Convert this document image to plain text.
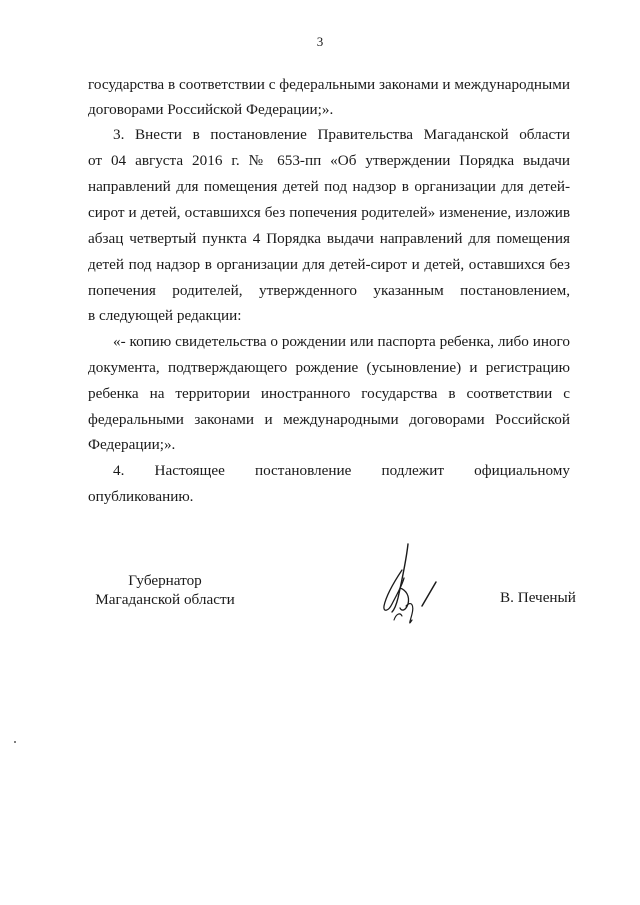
3
государства в соответствии с федеральными законами и международными
договорами Российской Федерации;».
3. Внести в постановление Правительства Магаданской области
от 04 августа 2016 г. № 653-пп «Об утверждении Порядка выдачи
направлений для помещения детей под надзор в организации для детей-
сирот и детей, оставшихся без попечения родителей» изменение, изложив
абзац четвертый пункта 4 Порядка выдачи направлений для помещения
детей под надзор в организации для детей-сирот и детей, оставшихся без
попечения родителей, утвержденного указанным постановлением,
в следующей редакции:
«- копию свидетельства о рождении или паспорта ребенка, либо иного
документа, подтверждающего рождение (усыновление) и регистрацию
ребенка на территории иностранного государства в соответствии с
федеральными законами и международными договорами Российской
Федерации;».
4. Настоящее постановление подлежит официальному
опубликованию.
Губернатор
Магаданской области	В. Печеный
